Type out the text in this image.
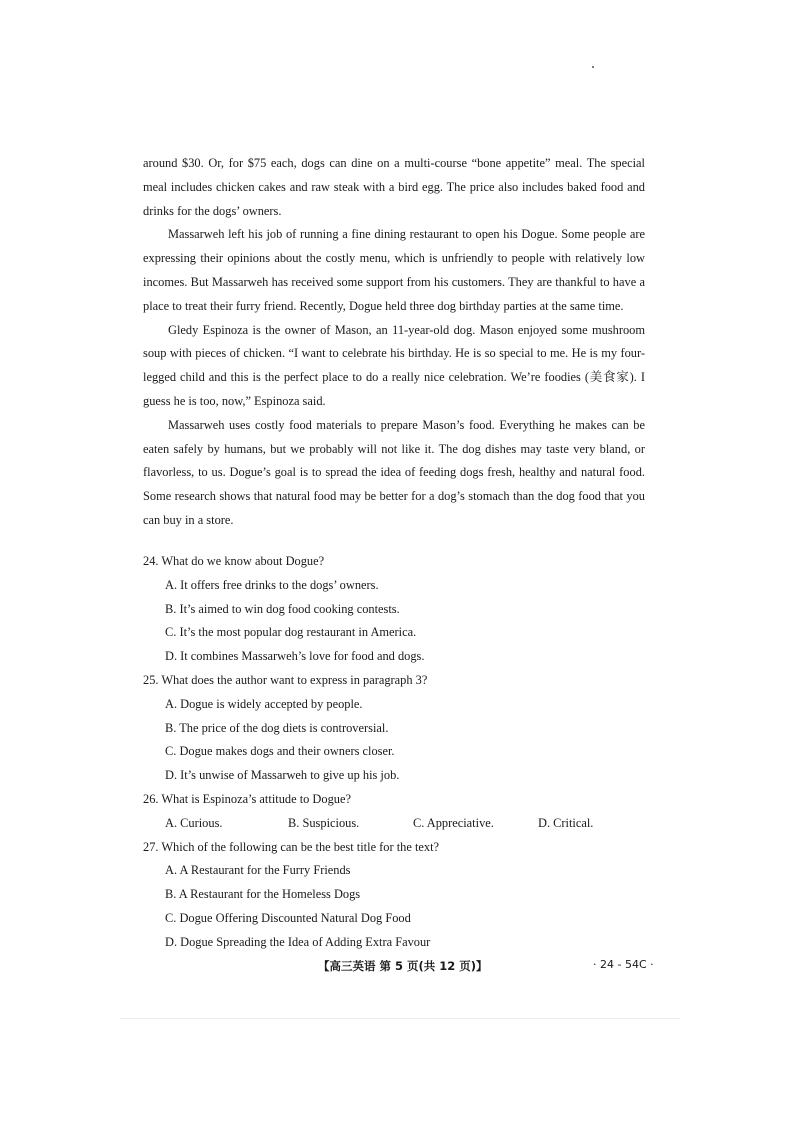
around $30. Or, for $75 each, dogs can dine on a multi-course “bone appetite” meal. The special meal includes chicken cakes and raw steak with a bird egg. The price also includes baked food and drinks for the dogs’ owners.

Massarweh left his job of running a fine dining restaurant to open his Dogue. Some people are expressing their opinions about the costly menu, which is unfriendly to people with relatively low incomes. But Massarweh has received some support from his customers. They are thankful to have a place to treat their furry friend. Recently, Dogue held three dog birthday parties at the same time.

Gledy Espinoza is the owner of Mason, an 11-year-old dog. Mason enjoyed some mushroom soup with pieces of chicken. “I want to celebrate his birthday. He is so special to me. He is my four-legged child and this is the perfect place to do a really nice celebration. We’re foodies (美食家). I guess he is too, now,” Espinoza said.

Massarweh uses costly food materials to prepare Mason’s food. Everything he makes can be eaten safely by humans, but we probably will not like it. The dog dishes may taste very bland, or flavorless, to us. Dogue’s goal is to spread the idea of feeding dogs fresh, healthy and natural food. Some research shows that natural food may be better for a dog’s stomach than the dog food that you can buy in a store.

24. What do we know about Dogue?

A. It offers free drinks to the dogs’ owners.

B. It’s aimed to win dog food cooking contests.

C. It’s the most popular dog restaurant in America.

D. It combines Massarweh’s love for food and dogs.

25. What does the author want to express in paragraph 3?

A. Dogue is widely accepted by people.

B. The price of the dog diets is controversial.

C. Dogue makes dogs and their owners closer.

D. It’s unwise of Massarweh to give up his job.

26. What is Espinoza’s attitude to Dogue?

A. Curious.	B. Suspicious.	C. Appreciative.	D. Critical.

27. Which of the following can be the best title for the text?

A. A Restaurant for the Furry Friends

B. A Restaurant for the Homeless Dogs

C. Dogue Offering Discounted Natural Dog Food

D. Dogue Spreading the Idea of Adding Extra Favour

【高三英语 第 5 页(共 12 页)】	· 24 - 54C ·
